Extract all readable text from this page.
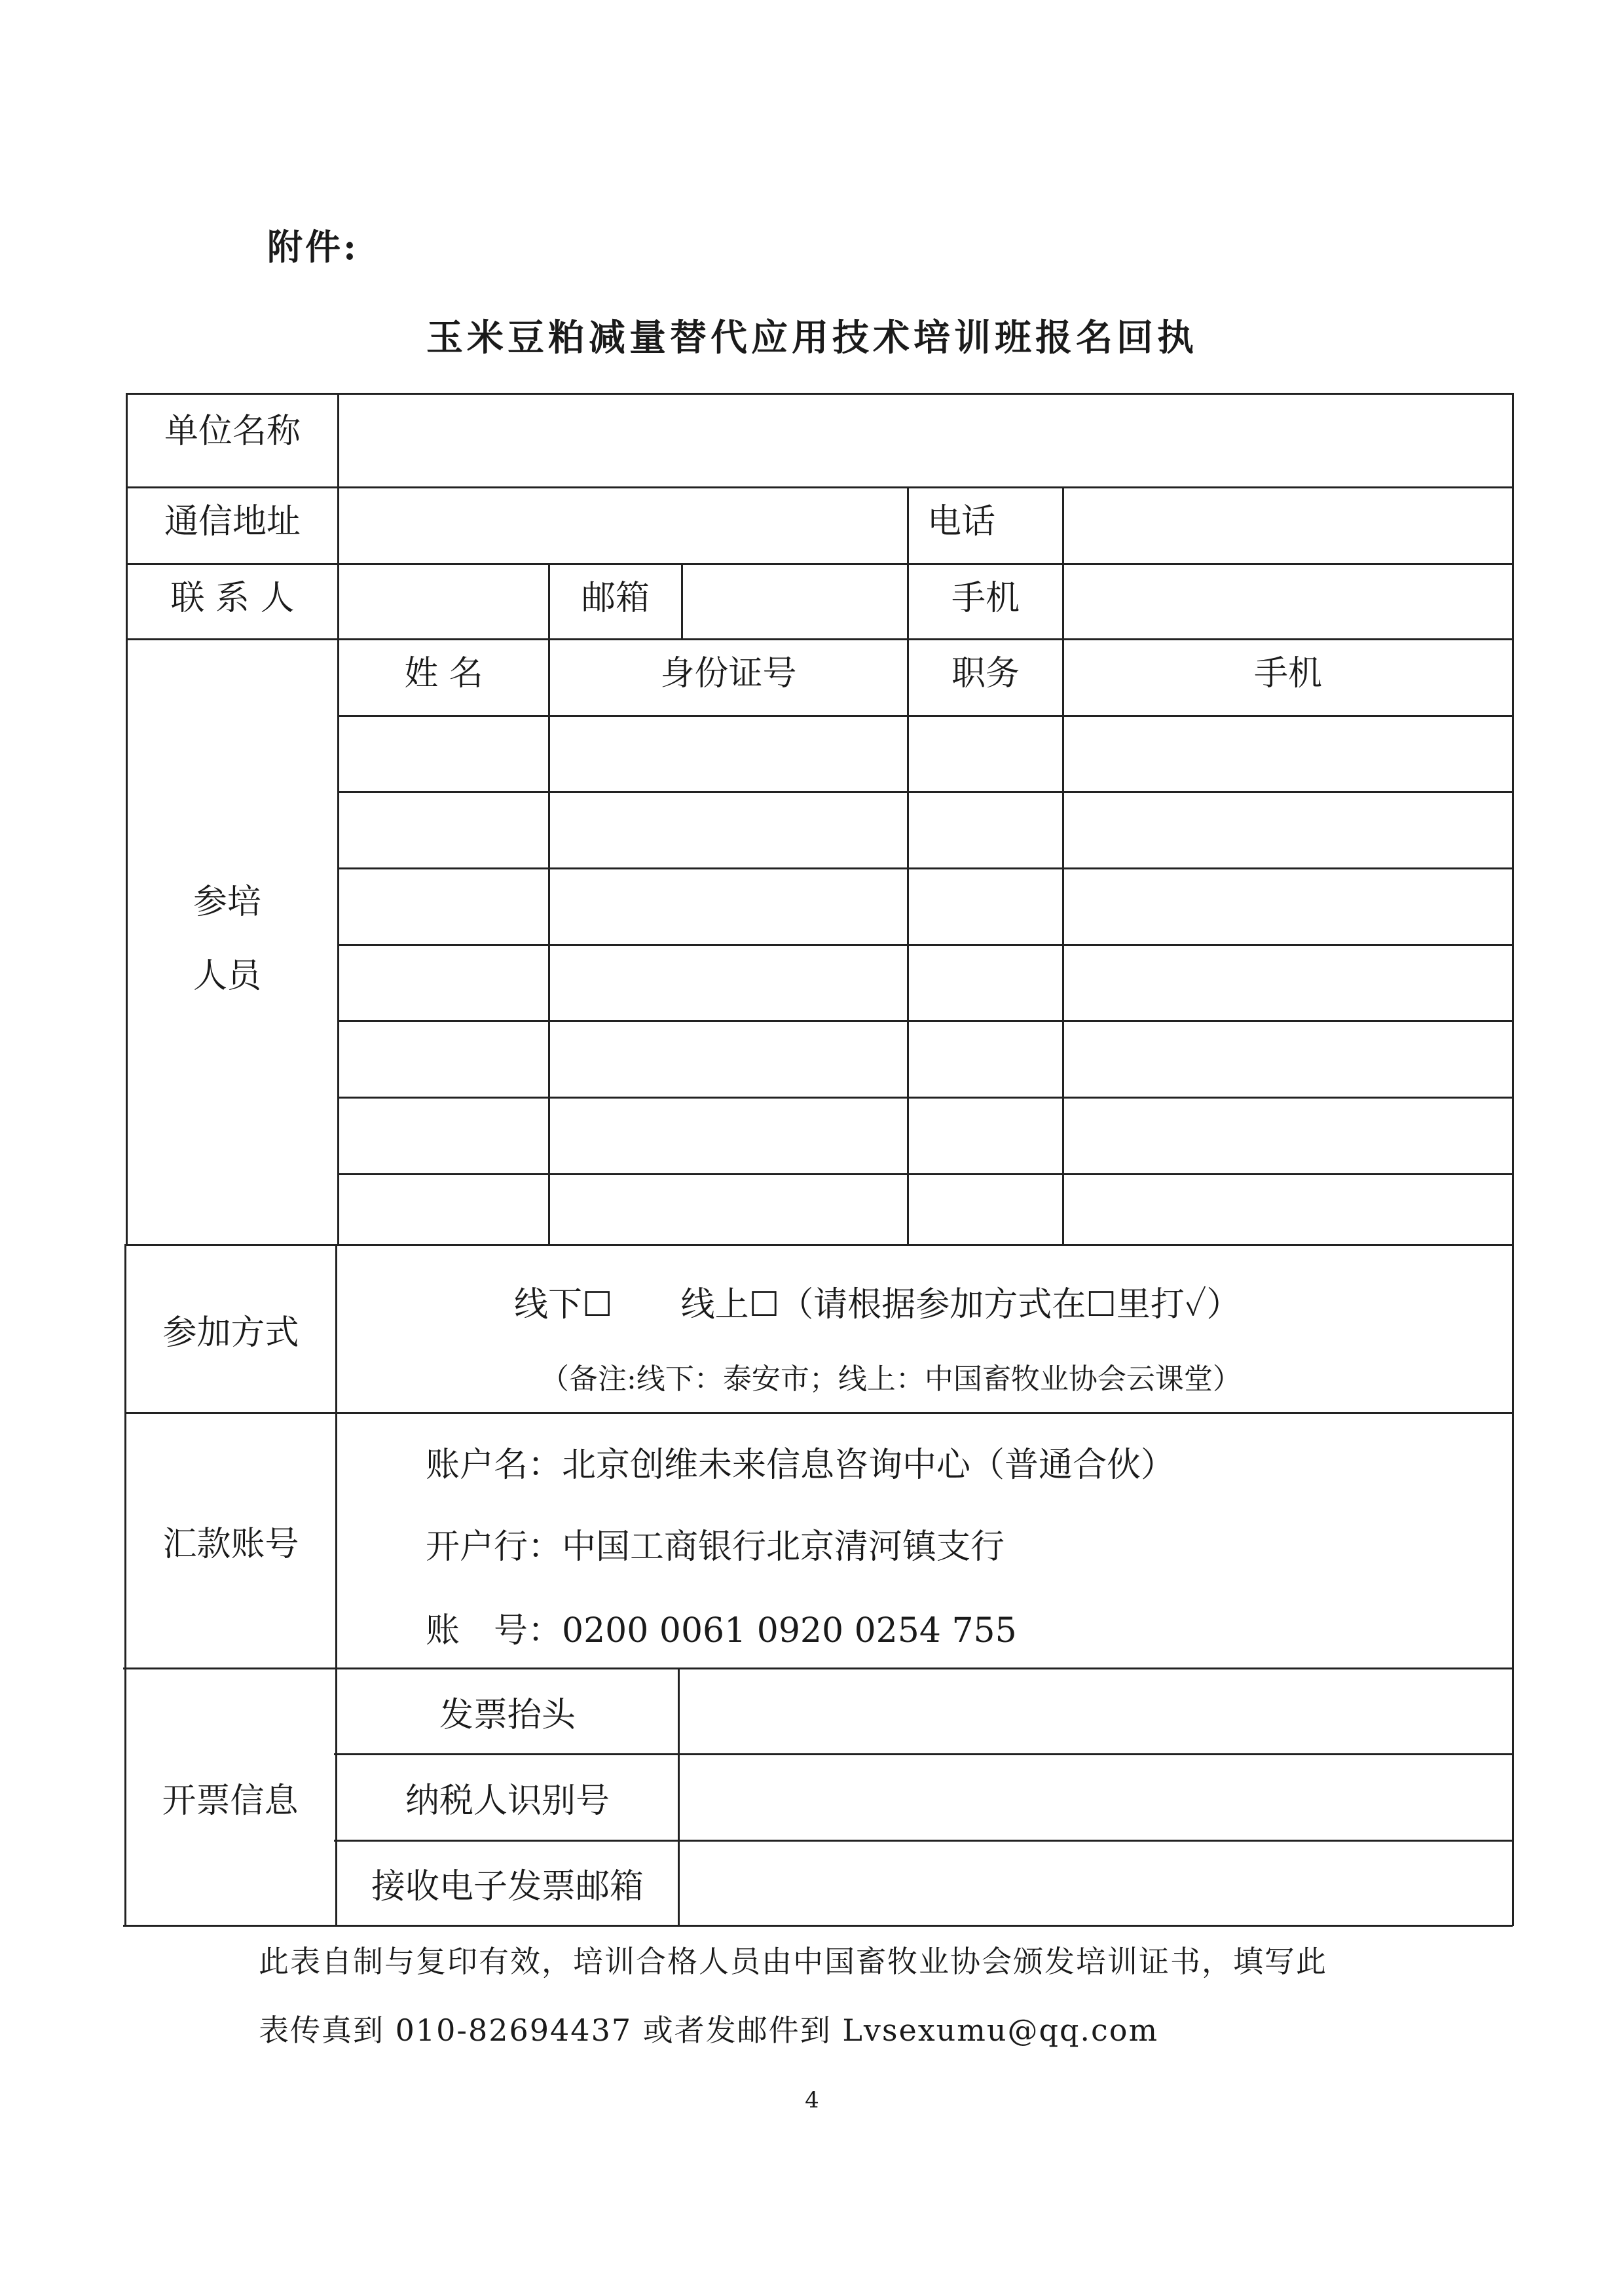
附件:
玉米豆粕减量替代应用技术培训班报名回执
单位名称
通信地址	电话
联 系 人	邮箱	手机
姓 名	身份证号	职务	手机
参培
人员
参加方式
线下☐　　线上☐（请根据参加方式在☐里打✓）
（备注:线下：泰安市；线上：中国畜牧业协会云课堂）
汇款账号
账户名：北京创维未来信息咨询中心（普通合伙）
开户行：中国工商银行北京清河镇支行
账　号：0200 0061 0920 0254 755
开票信息
发票抬头
纳税人识别号
接收电子发票邮箱
此表自制与复印有效，培训合格人员由中国畜牧业协会颁发培训证书，填写此
表传真到 010-82694437 或者发邮件到 Lvsexumu@qq.com
4
